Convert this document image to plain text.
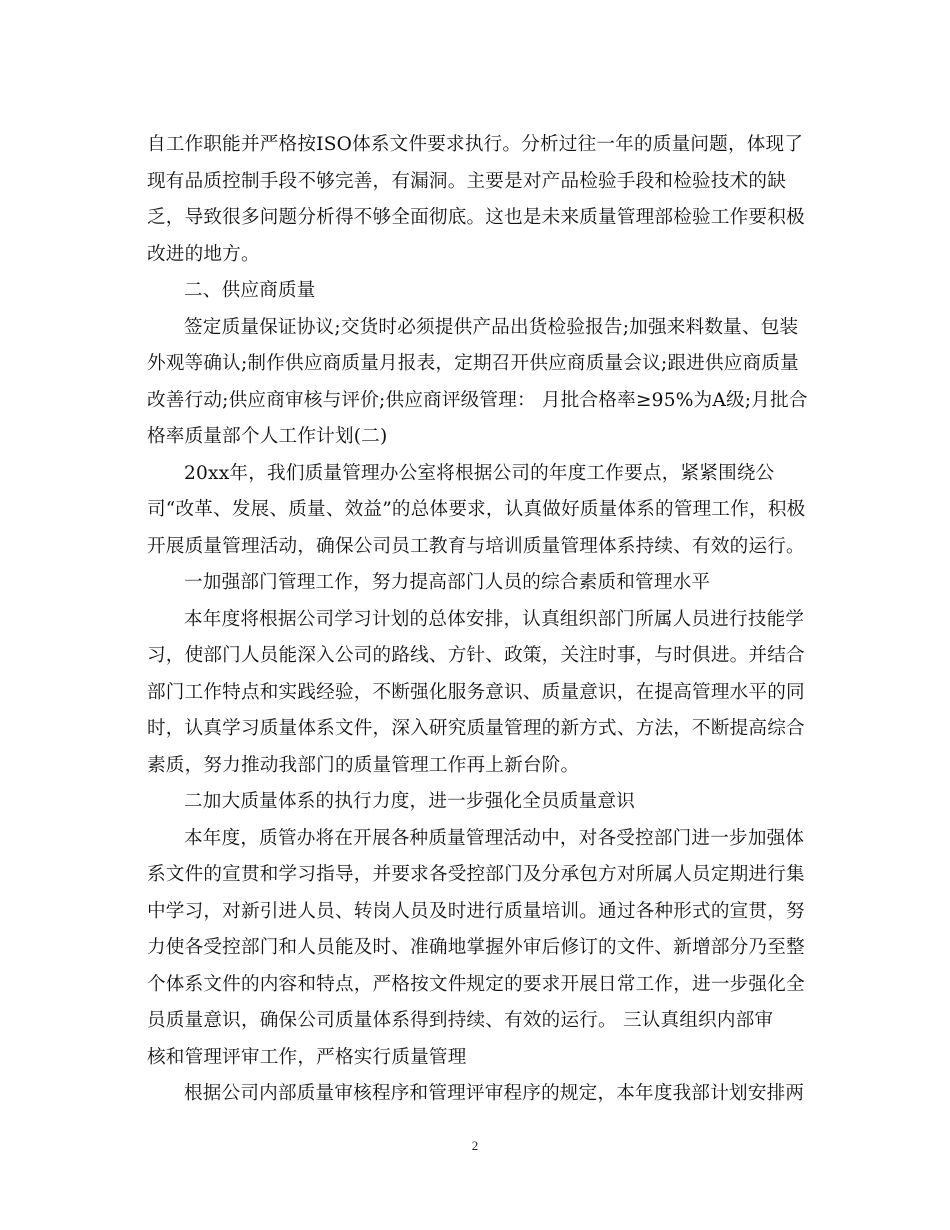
自工作职能并严格按ISO体系文件要求执行。分析过往一年的质量问题，体现了
现有品质控制手段不够完善，有漏洞。主要是对产品检验手段和检验技术的缺
乏，导致很多问题分析得不够全面彻底。这也是未来质量管理部检验工作要积极
改进的地方。
二、供应商质量
签定质量保证协议;交货时必须提供产品出货检验报告;加强来料数量、包装
外观等确认;制作供应商质量月报表，定期召开供应商质量会议;跟进供应商质量
改善行动;供应商审核与评价;供应商评级管理： 月批合格率≥95%为A级;月批合
格率质量部个人工作计划(二)
20xx年，我们质量管理办公室将根据公司的年度工作要点，紧紧围绕公
司“改革、发展、质量、效益”的总体要求，认真做好质量体系的管理工作，积极
开展质量管理活动，确保公司员工教育与培训质量管理体系持续、有效的运行。
一加强部门管理工作，努力提高部门人员的综合素质和管理水平
本年度将根据公司学习计划的总体安排，认真组织部门所属人员进行技能学
习，使部门人员能深入公司的路线、方针、政策，关注时事，与时俱进。并结合
部门工作特点和实践经验，不断强化服务意识、质量意识，在提高管理水平的同
时，认真学习质量体系文件，深入研究质量管理的新方式、方法，不断提高综合
素质，努力推动我部门的质量管理工作再上新台阶。
二加大质量体系的执行力度，进一步强化全员质量意识
本年度，质管办将在开展各种质量管理活动中，对各受控部门进一步加强体
系文件的宣贯和学习指导，并要求各受控部门及分承包方对所属人员定期进行集
中学习，对新引进人员、转岗人员及时进行质量培训。通过各种形式的宣贯，努
力使各受控部门和人员能及时、准确地掌握外审后修订的文件、新增部分乃至整
个体系文件的内容和特点，严格按文件规定的要求开展日常工作，进一步强化全
员质量意识，确保公司质量体系得到持续、有效的运行。 三认真组织内部审
核和管理评审工作，严格实行质量管理
根据公司内部质量审核程序和管理评审程序的规定，本年度我部计划安排两
2
